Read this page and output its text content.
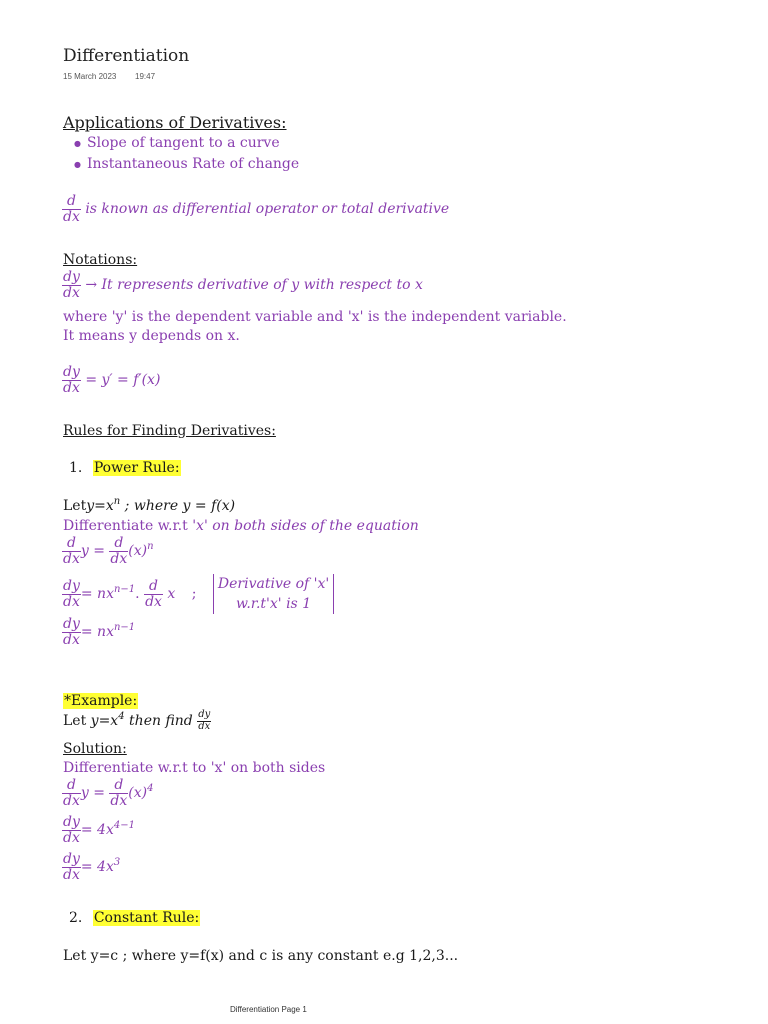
Differentiation
15 March 2023 19:47
Applications of Derivatives:
● Slope of tangent to a curve
● Instantaneous Rate of change
$\frac{d}{dx}$ is known as differential operator or total derivative
Notations:
$\frac{dy}{dx} \to It$ represents derivative of y with respect to x
where 'y' is the dependent variable and 'x' is the independent variable.
It means y depends on x.
$\frac{dy}{dx} = y' = f'(x)$
Rules for Finding Derivatives:
1. Power Rule:
$Lety=x^n$ ; where y = f(x)
Differentiate w.r.t 'x' on both sides of the equation
$\frac{d}{dx}$ $y = \frac{d}{dx} (x)^n$
$\frac{dy}{dx} = nx^{n-1}$. $\frac{d}{dx}$ x ;
Derivative of 'x'
w.r.t'x' is 1
$\frac{dy}{dx} = nx^{n-1}$
*Example:
Let $y=x^4$ then find $\frac{dy}{dx}$
Solution:
Differentiate w.r.t to 'x' on both sides
$\frac{d}{dx}$ $y = \frac{d}{dx} (x)^4$
$\frac{dy}{dx} = 4x^{4-1}$
$\frac{dy}{dx} = 4x^3$
2. Constant Rule:
Let y=c ; where y=f(x) and c is any constant e.g 1,2,3...
Differentiation Page 1
